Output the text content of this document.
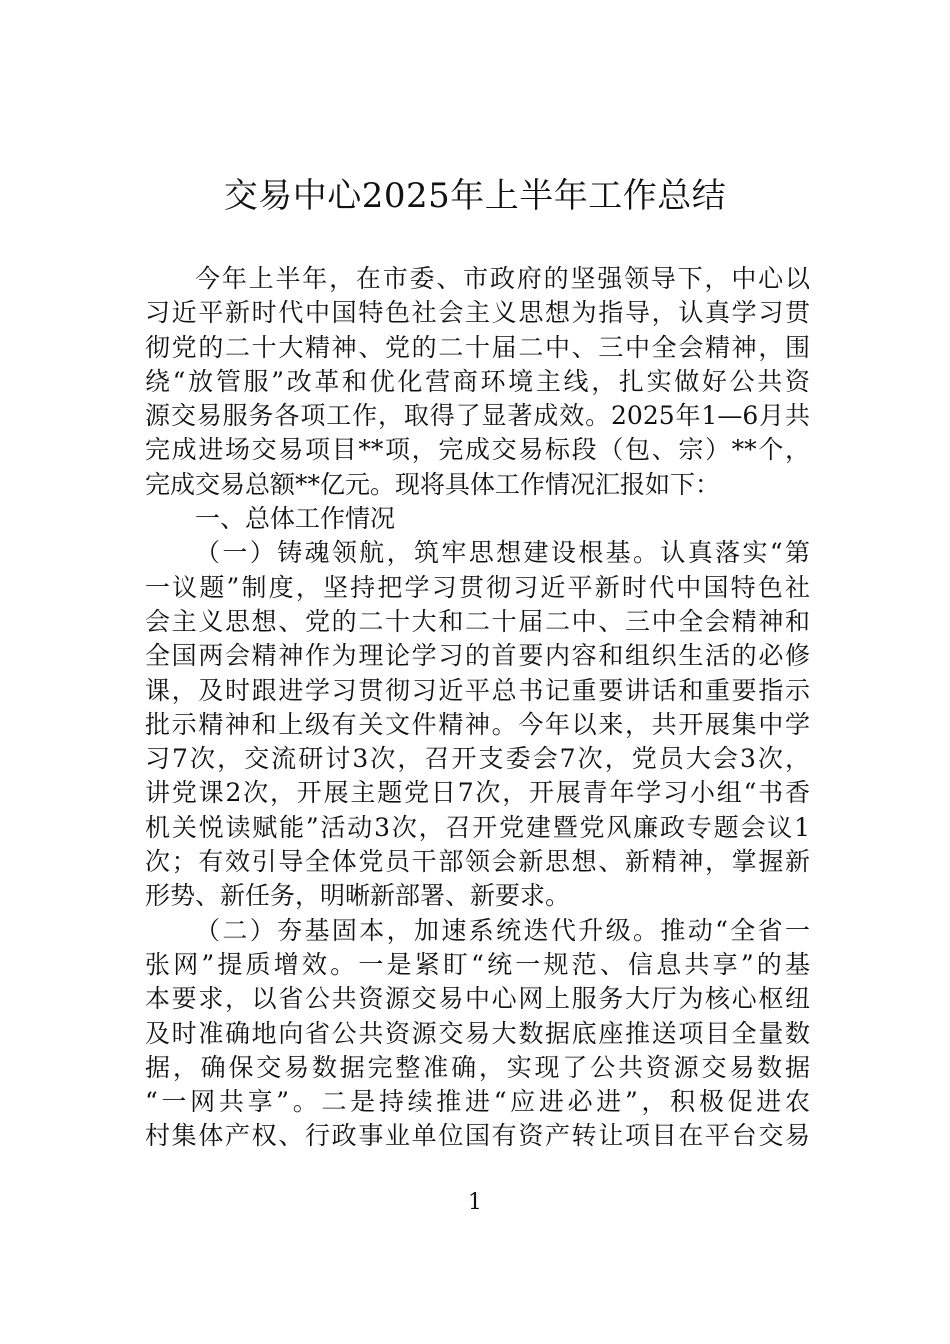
交易中心2025年上半年工作总结
今年上半年，在市委、市政府的坚强领导下，中心以
习近平新时代中国特色社会主义思想为指导，认真学习贯
彻党的二十大精神、党的二十届二中、三中全会精神，围
绕“放管服”改革和优化营商环境主线，扎实做好公共资
源交易服务各项工作，取得了显著成效。2025年1—6月共
完成进场交易项目**项，完成交易标段（包、宗）**个，
完成交易总额**亿元。现将具体工作情况汇报如下：
一、总体工作情况
（一）铸魂领航，筑牢思想建设根基。认真落实“第
一议题”制度，坚持把学习贯彻习近平新时代中国特色社
会主义思想、党的二十大和二十届二中、三中全会精神和
全国两会精神作为理论学习的首要内容和组织生活的必修
课，及时跟进学习贯彻习近平总书记重要讲话和重要指示
批示精神和上级有关文件精神。今年以来，共开展集中学
习7次，交流研讨3次，召开支委会7次，党员大会3次，
讲党课2次，开展主题党日7次，开展青年学习小组“书香
机关悦读赋能”活动3次，召开党建暨党风廉政专题会议1
次；有效引导全体党员干部领会新思想、新精神，掌握新
形势、新任务，明晰新部署、新要求。
（二）夯基固本，加速系统迭代升级。推动“全省一
张网”提质增效。一是紧盯“统一规范、信息共享”的基
本要求，以省公共资源交易中心网上服务大厅为核心枢纽
及时准确地向省公共资源交易大数据底座推送项目全量数
据，确保交易数据完整准确，实现了公共资源交易数据
“一网共享”。二是持续推进“应进必进”，积极促进农
村集体产权、行政事业单位国有资产转让项目在平台交易
1
